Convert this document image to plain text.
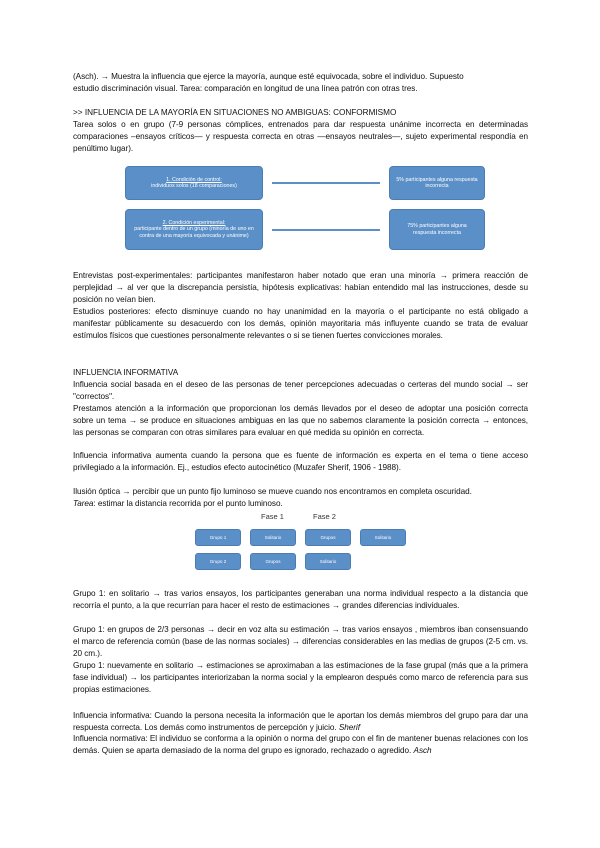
(Asch). → Muestra la influencia que ejerce la mayoría, aunque esté equivocada, sobre el individuo. Supuesto
estudio discriminación visual. Tarea: comparación en longitud de una línea patrón con otras tres.

>> INFLUENCIA DE LA MAYORÍA EN SITUACIONES NO AMBIGUAS: CONFORMISMO

Tarea solos o en grupo (7-9 personas cómplices, entrenados para dar respuesta unánime incorrecta en determinadas comparaciones –ensayos críticos— y respuesta correcta en otras —ensayos neutrales—, sujeto experimental respondía en penúltimo lugar).

1. Condición de control:
individuos solos (18 comparaciones)
5% participantes alguna respuesta incorrecta
2. Condición experimental:
participante dentro de un grupo (minoría de uno en contra de una mayoría equivocada y unánime)
75% participantes alguna respuesta incorrecta

Entrevistas post-experimentales: participantes manifestaron haber notado que eran una minoría → primera reacción de perplejidad → al ver que la discrepancia persistía, hipótesis explicativas: habían entendido mal las instrucciones, desde su posición no veían bien.

Estudios posteriores: efecto disminuye cuando no hay unanimidad en la mayoría o el participante no está obligado a manifestar públicamente su desacuerdo con los demás, opinión mayoritaria más influyente cuando se trata de evaluar estímulos físicos que cuestiones personalmente relevantes o si se tienen fuertes convicciones morales.

INFLUENCIA INFORMATIVA

Influencia social basada en el deseo de las personas de tener percepciones adecuadas o certeras del mundo social → ser "correctos".

Prestamos atención a la información que proporcionan los demás llevados por el deseo de adoptar una posición correcta sobre un tema → se produce en situaciones ambiguas en las que no sabemos claramente la posición correcta → entonces, las personas se comparan con otras similares para evaluar en qué medida su opinión en correcta.

Influencia informativa aumenta cuando la persona que es fuente de información es experta en el tema o tiene acceso privilegiado a la información. Ej., estudios efecto autocinético (Muzafer Sherif, 1906 - 1988).

Ilusión óptica → percibir que un punto fijo luminoso se mueve cuando nos encontramos en completa oscuridad.
Tarea: estimar la distancia recorrida por el punto luminoso.

Fase 1	Fase 2
Grupo 1	Solitario	Grupos	Solitario
Grupo 2	Grupos	Solitario

Grupo 1: en solitario → tras varios ensayos, los participantes generaban una norma individual respecto a la distancia que recorría el punto, a la que recurrían para hacer el resto de estimaciones → grandes diferencias individuales.

Grupo 1: en grupos de 2/3 personas → decir en voz alta su estimación → tras varios ensayos , miembros iban consensuando el marco de referencia común (base de las normas sociales) → diferencias considerables en las medias de grupos (2-5 cm. vs. 20 cm.).

Grupo 1: nuevamente en solitario → estimaciones se aproximaban a las estimaciones de la fase grupal (más que a la primera fase individual) → los participantes interiorizaban la norma social y la emplearon después como marco de referencia para sus propias estimaciones.

Influencia informativa: Cuando la persona necesita la información que le aportan los demás miembros del grupo para dar una respuesta correcta. Los demás como instrumentos de percepción y juicio. Sherif

Influencia normativa: El individuo se conforma a la opinión o norma del grupo con el fin de mantener buenas relaciones con los demás. Quien se aparta demasiado de la norma del grupo es ignorado, rechazado o agredido. Asch
